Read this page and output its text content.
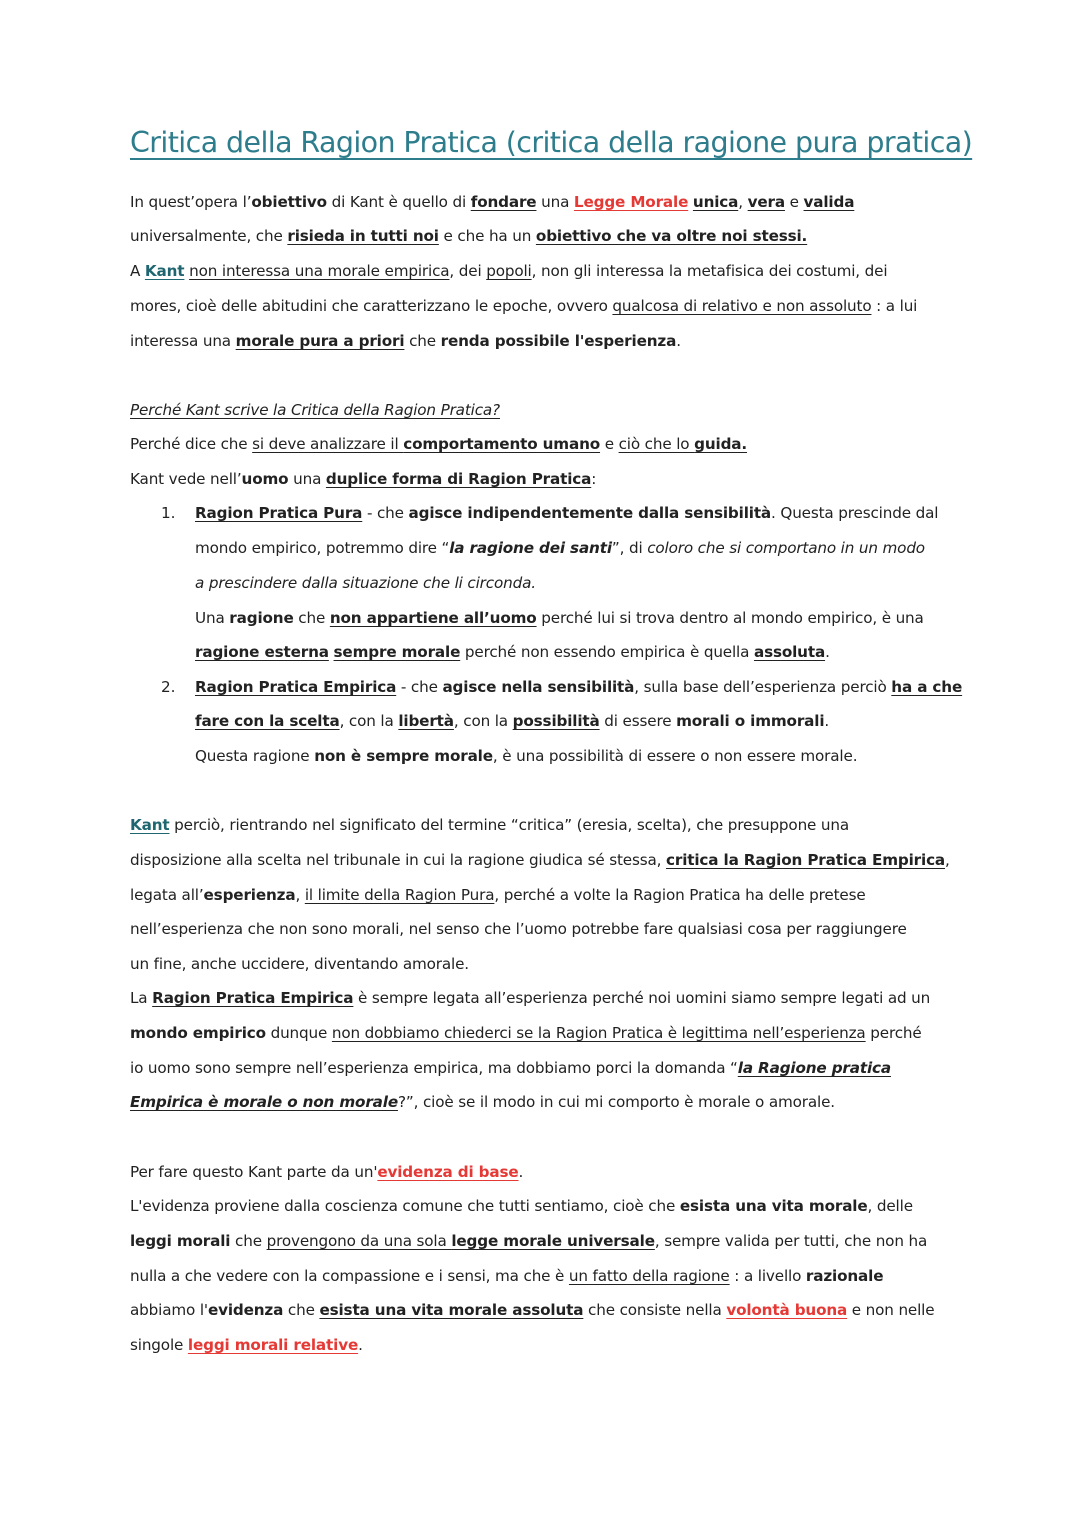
Critica della Ragion Pratica (critica della ragione pura pratica)
In quest’opera l’obiettivo di Kant è quello di fondare una Legge Morale unica, vera e valida
universalmente, che risieda in tutti noi e che ha un obiettivo che va oltre noi stessi.
A Kant non interessa una morale empirica, dei popoli, non gli interessa la metafisica dei costumi, dei
mores, cioè delle abitudini che caratterizzano le epoche, ovvero qualcosa di relativo e non assoluto : a lui
interessa una morale pura a priori che renda possibile l'esperienza.
Perché Kant scrive la Critica della Ragion Pratica?
Perché dice che si deve analizzare il comportamento umano e ciò che lo guida.
Kant vede nell’uomo una duplice forma di Ragion Pratica:
Ragion Pratica Pura - che agisce indipendentemente dalla sensibilità. Questa prescinde dal
mondo empirico, potremmo dire “la ragione dei santi”, di coloro che si comportano in un modo
a prescindere dalla situazione che li circonda.
Una ragione che non appartiene all’uomo perché lui si trova dentro al mondo empirico, è una
ragione esterna sempre morale perché non essendo empirica è quella assoluta.
Ragion Pratica Empirica - che agisce nella sensibilità, sulla base dell’esperienza perciò ha a che
fare con la scelta, con la libertà, con la possibilità di essere morali o immorali.
Questa ragione non è sempre morale, è una possibilità di essere o non essere morale.
Kant perciò, rientrando nel significato del termine “critica” (eresia, scelta), che presuppone una
disposizione alla scelta nel tribunale in cui la ragione giudica sé stessa, critica la Ragion Pratica Empirica,
legata all’esperienza, il limite della Ragion Pura, perché a volte la Ragion Pratica ha delle pretese
nell’esperienza che non sono morali, nel senso che l’uomo potrebbe fare qualsiasi cosa per raggiungere
un fine, anche uccidere, diventando amorale.
La Ragion Pratica Empirica è sempre legata all’esperienza perché noi uomini siamo sempre legati ad un
mondo empirico dunque non dobbiamo chiederci se la Ragion Pratica è legittima nell’esperienza perché
io uomo sono sempre nell’esperienza empirica, ma dobbiamo porci la domanda “la Ragione pratica
Empirica è morale o non morale?”, cioè se il modo in cui mi comporto è morale o amorale.
Per fare questo Kant parte da un'evidenza di base.
L'evidenza proviene dalla coscienza comune che tutti sentiamo, cioè che esista una vita morale, delle
leggi morali che provengono da una sola legge morale universale, sempre valida per tutti, che non ha
nulla a che vedere con la compassione e i sensi, ma che è un fatto della ragione : a livello razionale
abbiamo l'evidenza che esista una vita morale assoluta che consiste nella volontà buona e non nelle
singole leggi morali relative.
1.
2.
